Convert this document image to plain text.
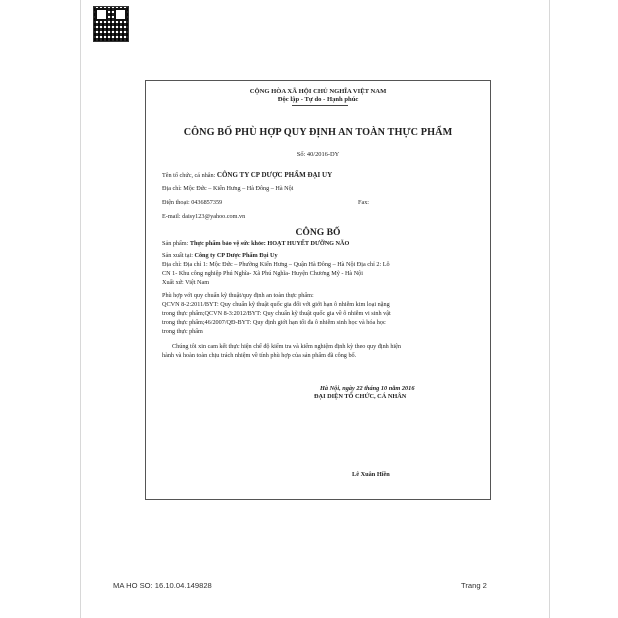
CỘNG HÒA XÃ HỘI CHỦ NGHĨA VIỆT NAM
Độc lập - Tự do - Hạnh phúc
CÔNG BỐ PHÙ HỢP QUY ĐỊNH AN TOÀN THỰC PHẨM
Số: 40/2016-DY
Tên tổ chức, cá nhân: CÔNG TY CP DƯỢC PHẨM ĐẠI UY
Địa chỉ: Mộc Đức – Kiến Hưng – Hà Đông – Hà Nội
Điện thoại: 0436857359	Fax:
E-mail: daisy123@yahoo.com.vn
CÔNG BỐ
Sản phẩm: Thực phẩm bảo vệ sức khỏe: HOẠT HUYẾT DƯỠNG NÃO
Sản xuất tại: Công ty CP Dược Phẩm Đại Uy
Địa chỉ: Địa chỉ 1: Mộc Đức – Phường Kiến Hưng – Quận Hà Đông – Hà Nội Địa chỉ 2: Lô
CN 1- Khu công nghiệp Phú Nghĩa- Xã Phú Nghĩa- Huyện Chương Mỹ - Hà Nội
Xuất xứ: Việt Nam
Phù hợp với quy chuẩn kỹ thuật/quy định an toàn thực phẩm:
QCVN 8-2:2011/BYT: Quy chuẩn kỹ thuật quốc gia đối với giới hạn ô nhiễm kim loại nặng
trong thực phẩm;QCVN 8-3:2012/BYT: Quy chuẩn kỹ thuật quốc gia về ô nhiễm vi sinh vật
trong thực phẩm;46/2007/QĐ-BYT: Quy định giới hạn tối đa ô nhiễm sinh học và hóa học
trong thực phẩm
Chúng tôi xin cam kết thực hiện chế độ kiểm tra và kiểm nghiệm định kỳ theo quy định hiện
hành và hoàn toàn chịu trách nhiệm về tính phù hợp của sản phẩm đã công bố.
Hà Nội, ngày 22 tháng 10 năm 2016
ĐẠI DIỆN TỔ CHỨC, CÁ NHÂN
Lê Xuân Hiền
MA HO SO: 16.10.04.149828	Trang 2
